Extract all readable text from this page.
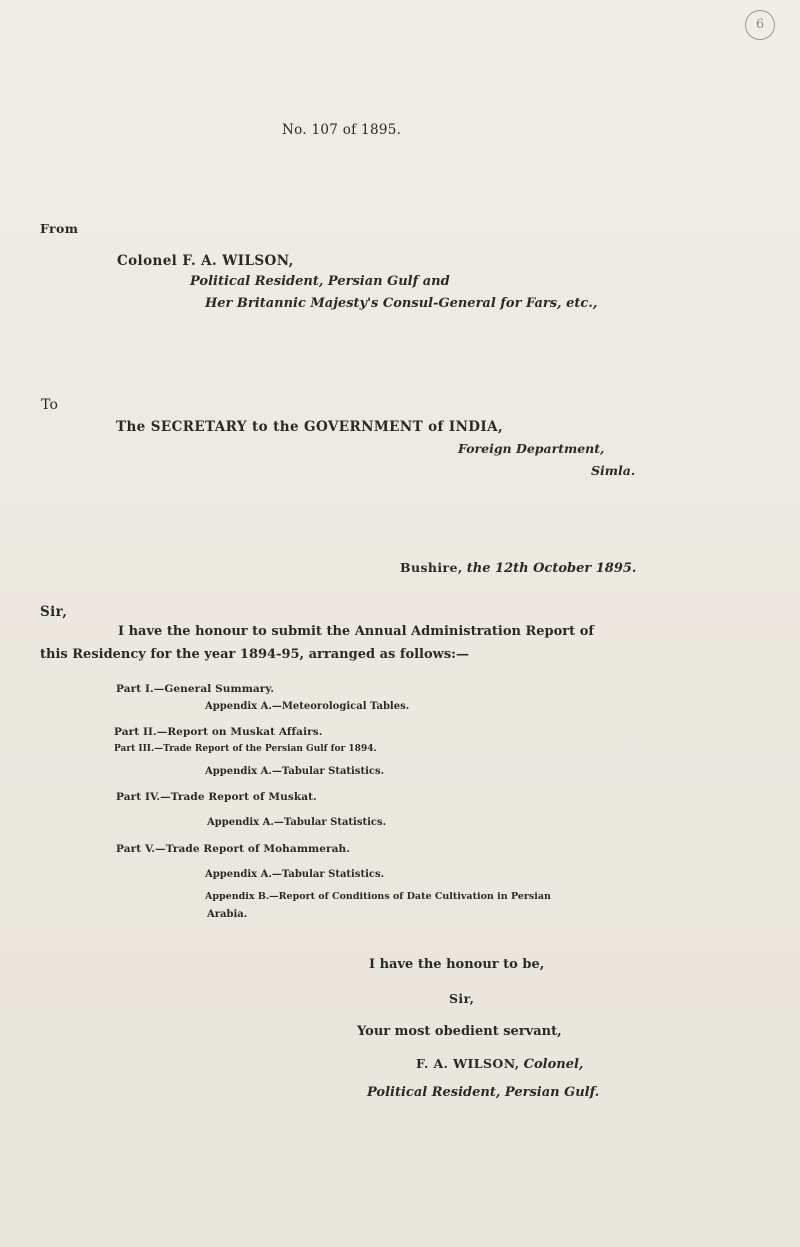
6
No. 107 of 1895.
From
Colonel F. A. WILSON,
Political Resident, Persian Gulf and
Her Britannic Majesty's Consul-General for Fars, etc.,
To
The SECRETARY to the GOVERNMENT of INDIA,
Foreign Department,
Simla.
Bushire, the 12th October 1895.
Sir,
I have the honour to submit the Annual Administration Report of
this Residency for the year 1894-95, arranged as follows:—
Part I.—General Summary.
Appendix A.—Meteorological Tables.
Part II.—Report on Muskat Affairs.
Part III.—Trade Report of the Persian Gulf for 1894.
Appendix A.—Tabular Statistics.
Part IV.—Trade Report of Muskat.
Appendix A.—Tabular Statistics.
Part V.—Trade Report of Mohammerah.
Appendix A.—Tabular Statistics.
Appendix B.—Report of Conditions of Date Cultivation in Persian
Arabia.
I have the honour to be,
Sir,
Your most obedient servant,
F. A. WILSON, Colonel,
Political Resident, Persian Gulf.
